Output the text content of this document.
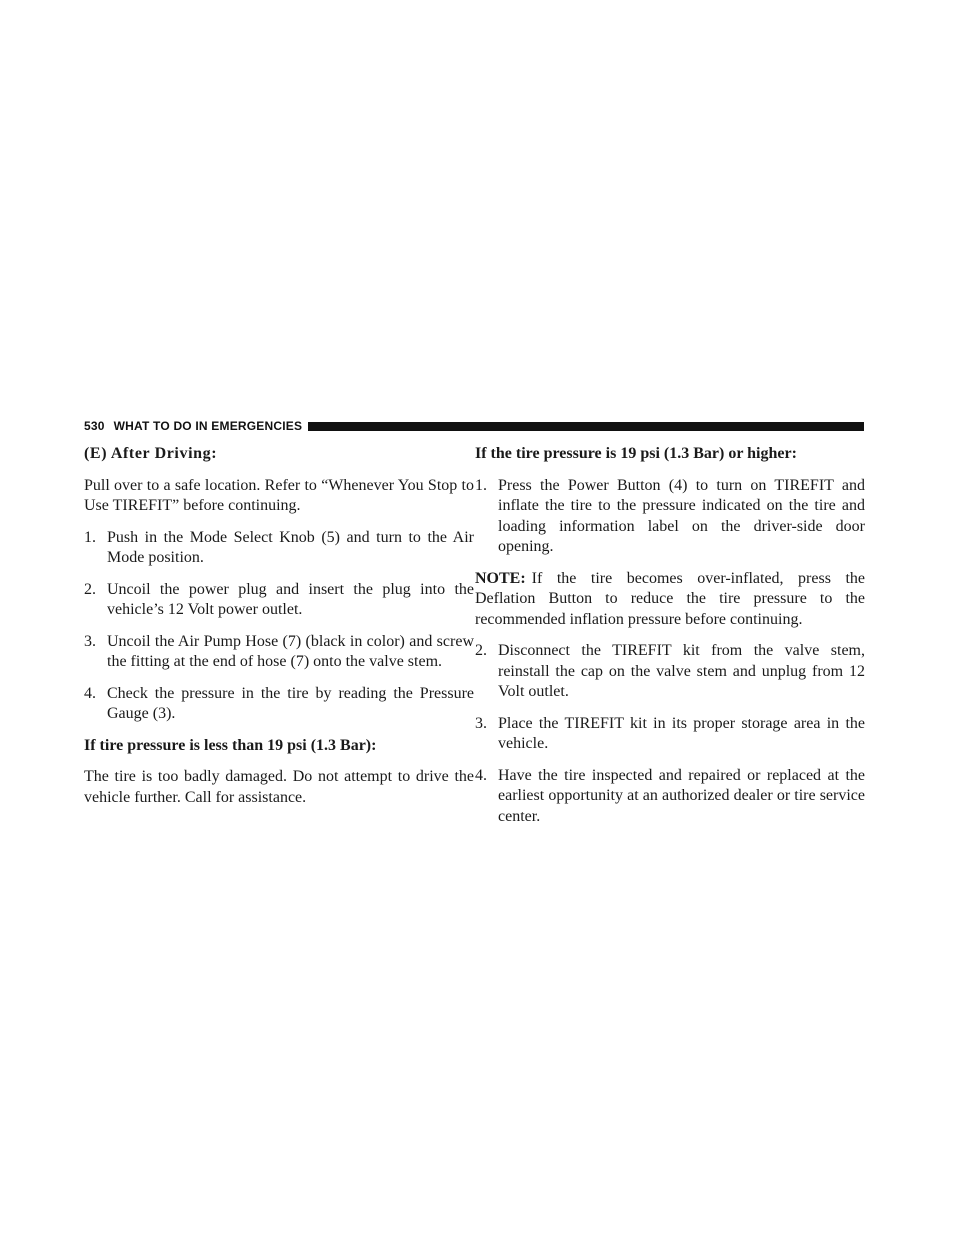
530 WHAT TO DO IN EMERGENCIES
(E) After Driving:

Pull over to a safe location. Refer to “Whenever You Stop to Use TIREFIT” before continuing.

1. Push in the Mode Select Knob (5) and turn to the Air Mode position.
2. Uncoil the power plug and insert the plug into the vehicle’s 12 Volt power outlet.
3. Uncoil the Air Pump Hose (7) (black in color) and screw the fitting at the end of hose (7) onto the valve stem.
4. Check the pressure in the tire by reading the Pressure Gauge (3).
If tire pressure is less than 19 psi (1.3 Bar):

The tire is too badly damaged. Do not attempt to drive the vehicle further. Call for assistance.

If the tire pressure is 19 psi (1.3 Bar) or higher:
1. Press the Power Button (4) to turn on TIREFIT and inflate the tire to the pressure indicated on the tire and loading information label on the driver-side door opening.

NOTE: If the tire becomes over-inflated, press the Deflation Button to reduce the tire pressure to the recommended inflation pressure before continuing.

2. Disconnect the TIREFIT kit from the valve stem, reinstall the cap on the valve stem and unplug from 12 Volt outlet.
3. Place the TIREFIT kit in its proper storage area in the vehicle.
4. Have the tire inspected and repaired or replaced at the earliest opportunity at an authorized dealer or tire service center.
